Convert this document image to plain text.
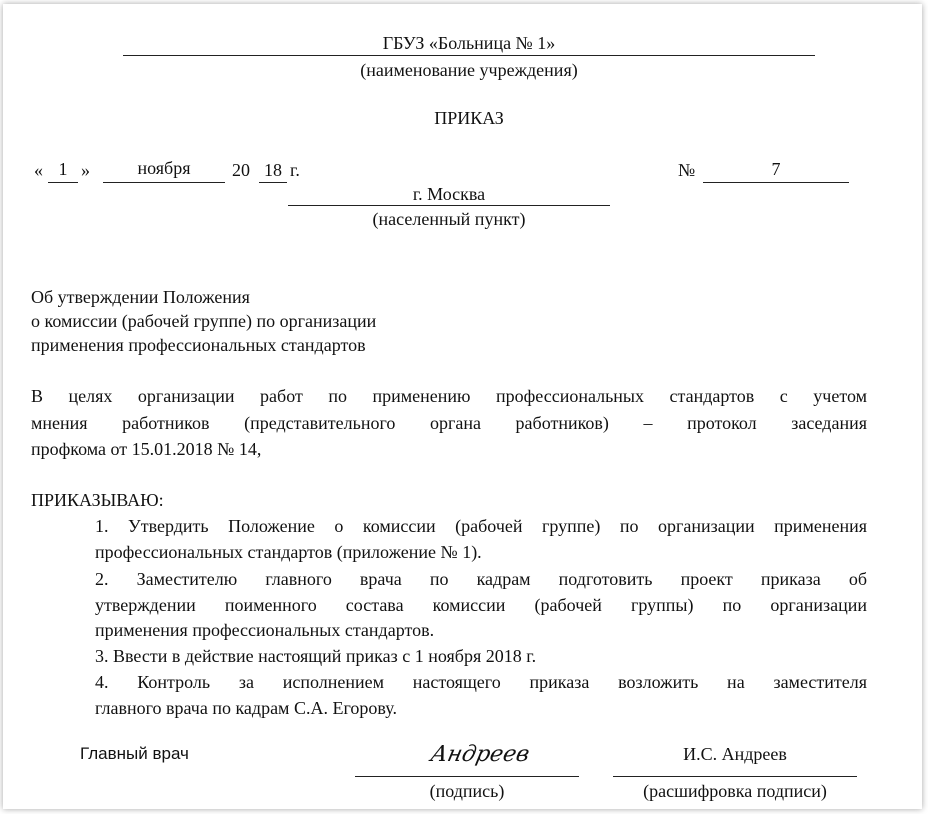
ГБУЗ «Больница № 1»
(наименование учреждения)
ПРИКАЗ
« 1 »	ноября	20 18 г.	№	7
г. Москва
(населенный пункт)
Об утверждении Положения
о комиссии (рабочей группе) по организации
применения профессиональных стандартов
В целях организации работ по применению профессиональных стандартов с учетом
мнения работников (представительного органа работников) – протокол заседания
профкома от 15.01.2018 № 14,
ПРИКАЗЫВАЮ:
1. Утвердить Положение о комиссии (рабочей группе) по организации применения
профессиональных стандартов (приложение № 1).
2. Заместителю главного врача по кадрам подготовить проект приказа об
утверждении поименного состава комиссии (рабочей группы) по организации
применения профессиональных стандартов.
3. Ввести в действие настоящий приказ с 1 ноября 2018 г.
4. Контроль за исполнением настоящего приказа возложить на заместителя
главного врача по кадрам С.А. Егорову.
Главный врач	Андреев
(подпись)
И.С. Андреев
(расшифровка подписи)
